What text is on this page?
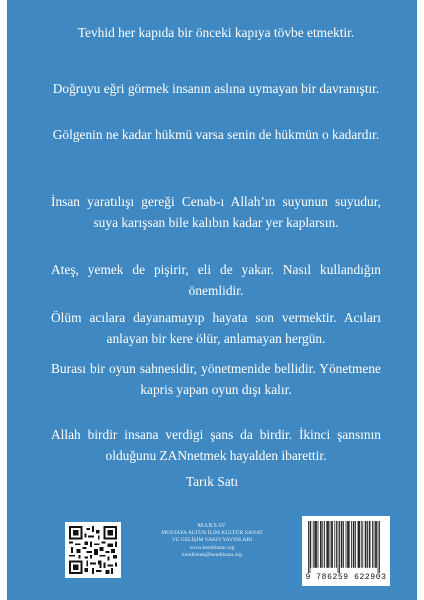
Tevhid her kapıda bir önceki kapıya tövbe etmektir.

Doğruyu eğri görmek insanın aslına uymayan bir davranıştır.

Gölgenin ne kadar hükmü varsa senin de hükmün o kadardır.

İnsan yaratılışı gereği Cenab-ı Allah’ın suyunun suyudur, suya karışsan bile kalıbın kadar yer kaplarsın.

Ateş, yemek de pişirir, eli de yakar. Nasıl kullandığın önemlidir.

Ölüm acılara dayanamayıp hayata son vermektir. Acıları anlayan bir kere ölür, anlamayan hergün.

Burası bir oyun sahnesidir, yönetmenide bellidir. Yönetmene kapris yapan oyun dışı kalır.

Allah birdir insana verdigi şans da birdir. İkinci şansının olduğunu ZANnetmek hayalden ibarettir.

Tarık Satı
MAKSAV
MUSTAFA ALTUN İLİM KÜLTÜR SANAT
VE GELİŞİM VAKFI YAYINLARI
www.kendiistan.org
kendiistan@kendiistan.org
9 786259 622903
